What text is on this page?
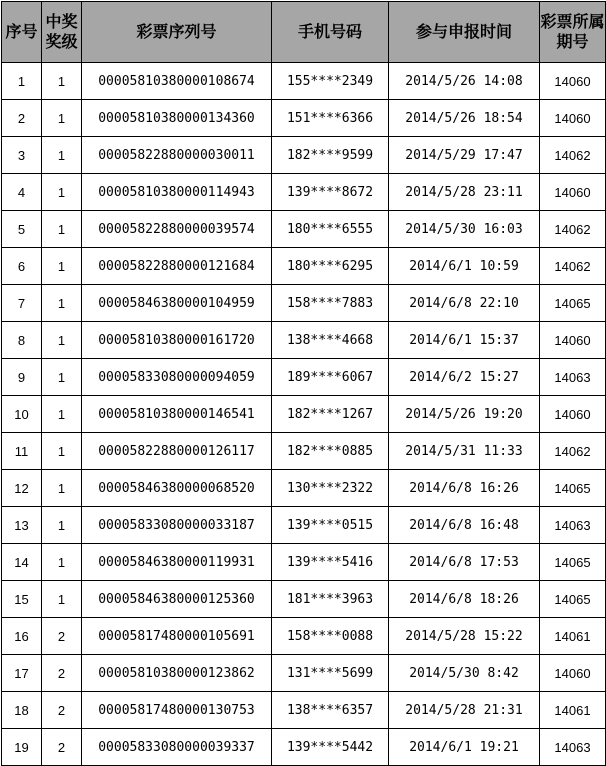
序号	中奖奖级	彩票序列号	手机号码	参与申报时间	彩票所属期号
1	1	00005810380000108674	155****2349	2014/5/26 14:08	14060
2	1	00005810380000134360	151****6366	2014/5/26 18:54	14060
3	1	00005822880000030011	182****9599	2014/5/29 17:47	14062
4	1	00005810380000114943	139****8672	2014/5/28 23:11	14060
5	1	00005822880000039574	180****6555	2014/5/30 16:03	14062
6	1	00005822880000121684	180****6295	2014/6/1 10:59	14062
7	1	00005846380000104959	158****7883	2014/6/8 22:10	14065
8	1	00005810380000161720	138****4668	2014/6/1 15:37	14060
9	1	00005833080000094059	189****6067	2014/6/2 15:27	14063
10	1	00005810380000146541	182****1267	2014/5/26 19:20	14060
11	1	00005822880000126117	182****0885	2014/5/31 11:33	14062
12	1	00005846380000068520	130****2322	2014/6/8 16:26	14065
13	1	00005833080000033187	139****0515	2014/6/8 16:48	14063
14	1	00005846380000119931	139****5416	2014/6/8 17:53	14065
15	1	00005846380000125360	181****3963	2014/6/8 18:26	14065
16	2	00005817480000105691	158****0088	2014/5/28 15:22	14061
17	2	00005810380000123862	131****5699	2014/5/30 8:42	14060
18	2	00005817480000130753	138****6357	2014/5/28 21:31	14061
19	2	00005833080000039337	139****5442	2014/6/1 19:21	14063
